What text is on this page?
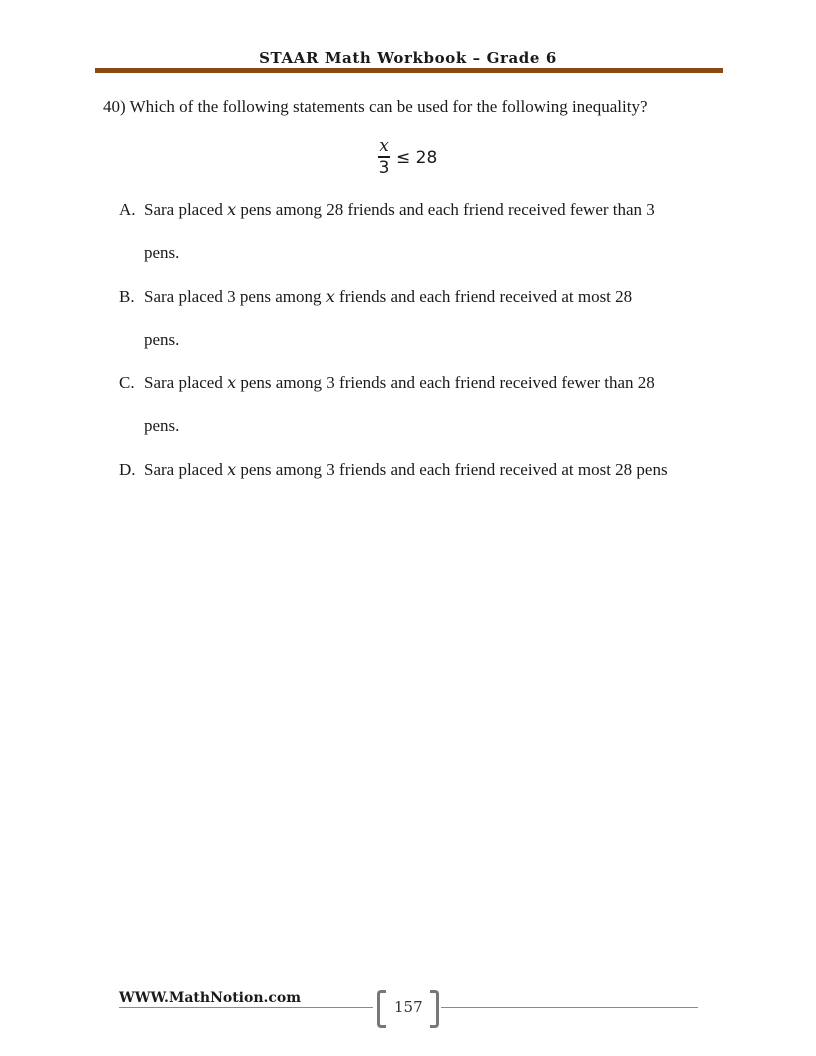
STAAR Math Workbook – Grade 6
40) Which of the following statements can be used for the following inequality?
$\frac{x}{3} \le 28$
A. Sara placed x pens among 28 friends and each friend received fewer than 3
pens.
B. Sara placed 3 pens among x friends and each friend received at most 28
pens.
C. Sara placed x pens among 3 friends and each friend received fewer than 28
pens.
D. Sara placed x pens among 3 friends and each friend received at most 28 pens
WWW.MathNotion.com	157
